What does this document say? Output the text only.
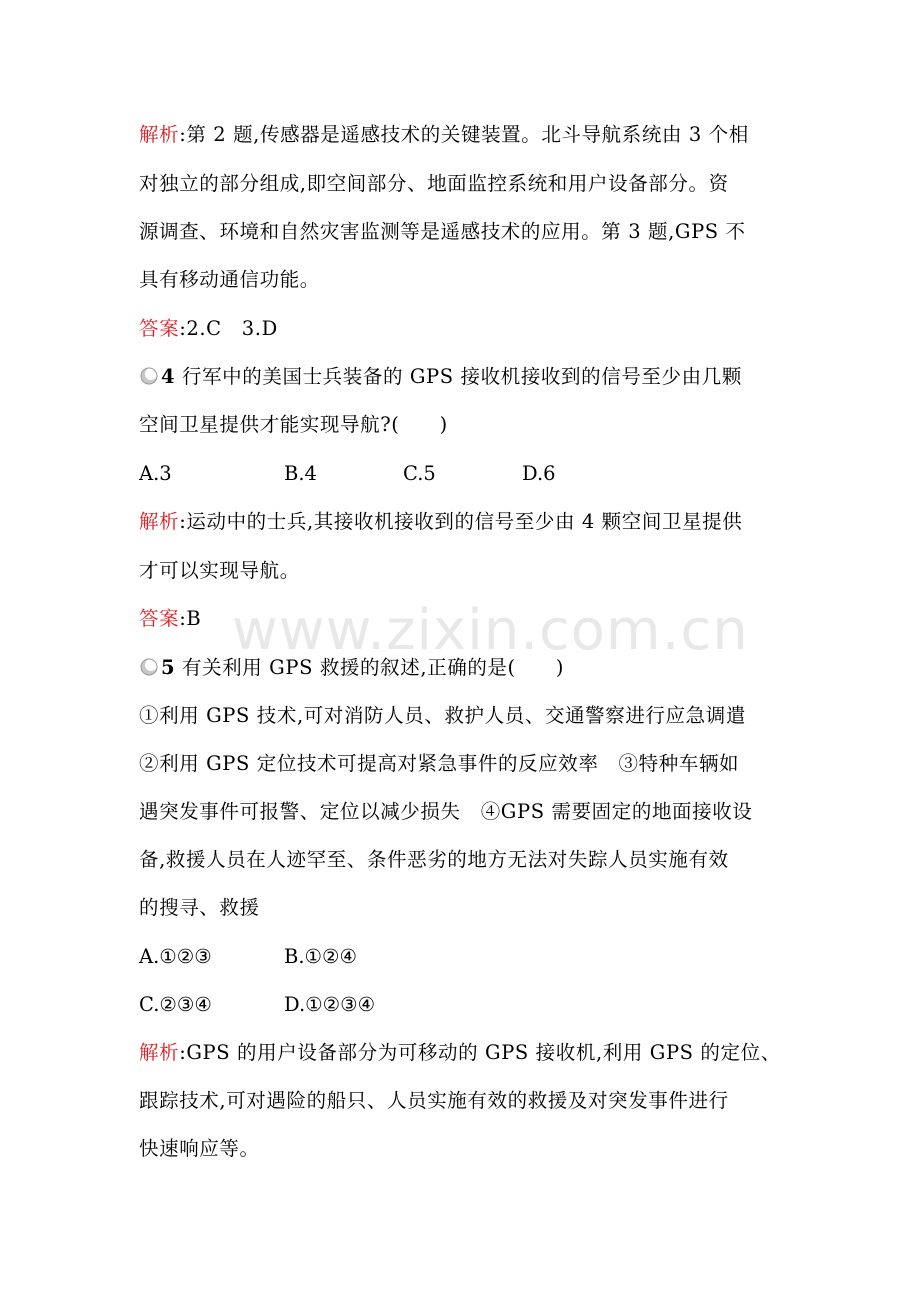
www.zixin.com.cn
解析:第 2 题,传感器是遥感技术的关键装置。北斗导航系统由 3 个相
对独立的部分组成,即空间部分、地面监控系统和用户设备部分。资
源调查、环境和自然灾害监测等是遥感技术的应用。第 3 题,GPS 不
具有移动通信功能。
答案:2.C　3.D
4 行军中的美国士兵装备的 GPS 接收机接收到的信号至少由几颗
空间卫星提供才能实现导航?(　　)
A.3	B.4	C.5	D.6
解析:运动中的士兵,其接收机接收到的信号至少由 4 颗空间卫星提供
才可以实现导航。
答案:B
5 有关利用 GPS 救援的叙述,正确的是(　　)
①利用 GPS 技术,可对消防人员、救护人员、交通警察进行应急调遣
②利用 GPS 定位技术可提高对紧急事件的反应效率　③特种车辆如
遇突发事件可报警、定位以减少损失　④GPS 需要固定的地面接收设
备,救援人员在人迹罕至、条件恶劣的地方无法对失踪人员实施有效
的搜寻、救援
A.①②③	B.①②④
C.②③④	D.①②③④
解析:GPS 的用户设备部分为可移动的 GPS 接收机,利用 GPS 的定位、
跟踪技术,可对遇险的船只、人员实施有效的救援及对突发事件进行
快速响应等。
